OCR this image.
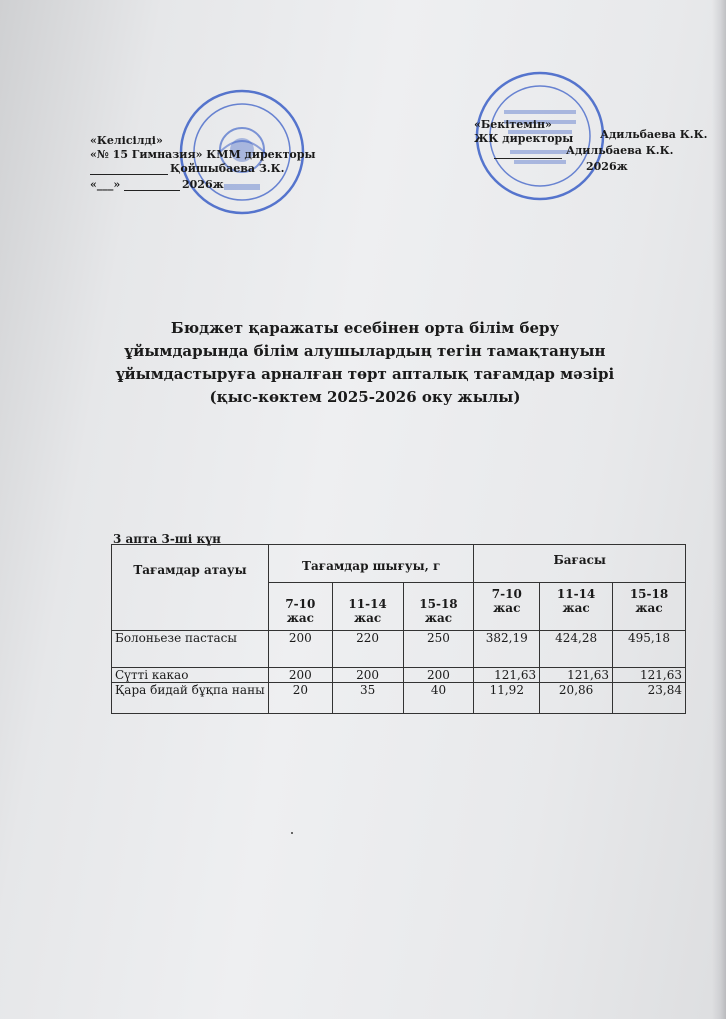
«Келісілді»
«№ 15 Гимназия» КММ директоры
Қойшыбаева З.К.
«___»	2026ж
«Бекітемін»
ЖК директоры Адильбаева К.К.
Адильбаева К.К.
2026ж
Бюджет қаражаты есебінен орта білім беру ұйымдарында білім алушылардың тегін тамақтануын ұйымдастыруға арналған төрт апталық тағамдар мәзірі (қыс-көктем 2025-2026 оку жылы)
3 апта 3-ші күн
Тағамдар атауы	Тағамдар шығуы, г			Бағасы		
	7-10 жас	11-14 жас	15-18 жас	7-10 жас	11-14 жас	15-18 жас
Болоньезе пастасы	200	220	250	382,19	424,28	495,18
Сүтті какао	200	200	200	121,63	121,63	121,63
Қара бидай бұқпа наны	20	35	40	11,92	20,86	23,84
